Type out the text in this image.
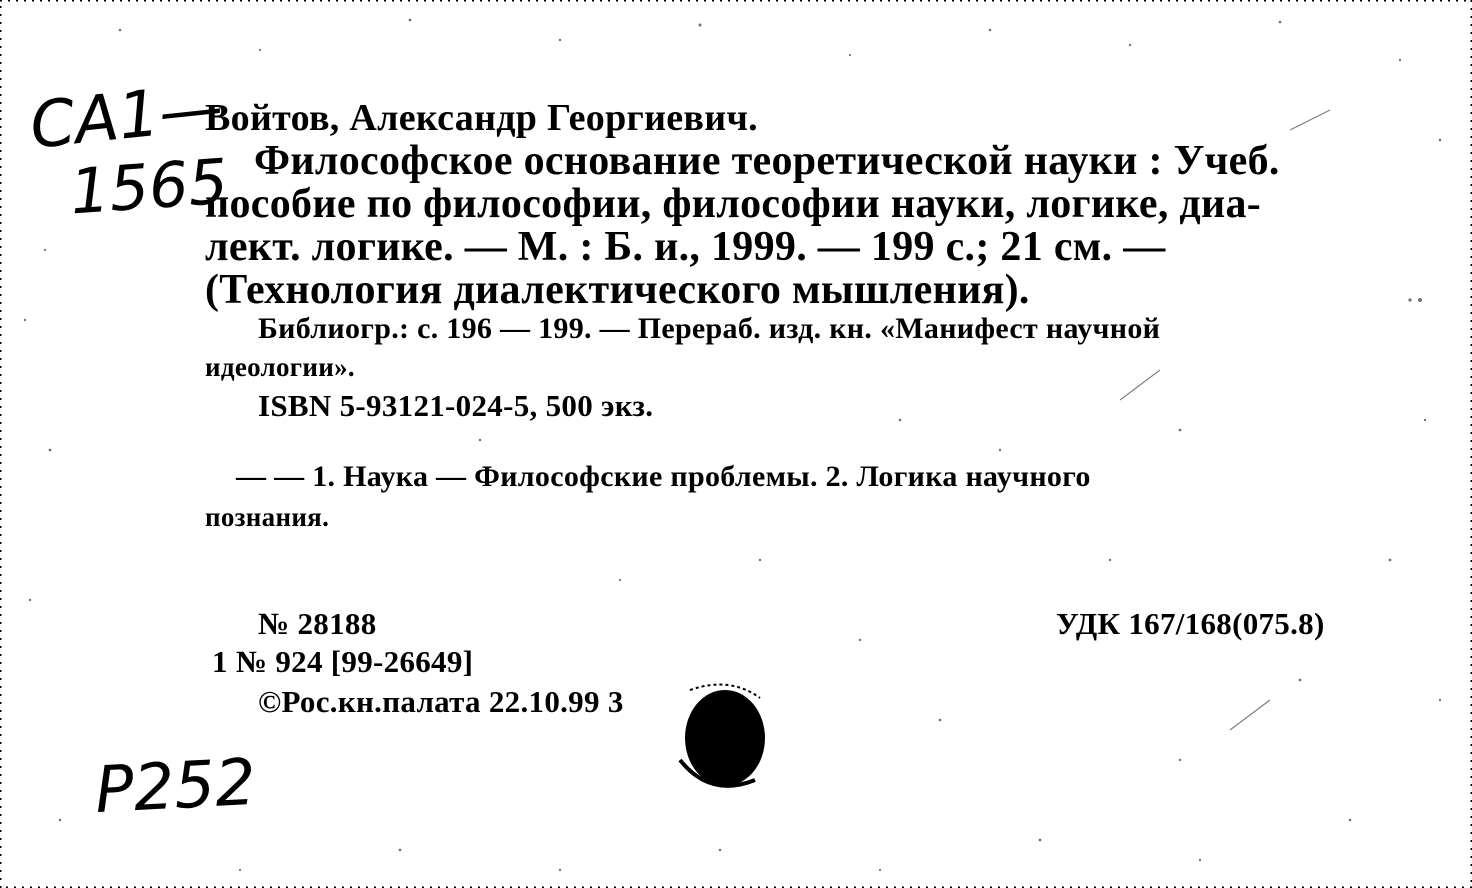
СА1—
1565
P252
Войтов, Александр Георгиевич.
Философское основание теоретической науки : Учеб.
пособие по философии, философии науки, логике, диа-
лект. логике. — М. : Б. и., 1999. — 199 с.; 21 см. —
(Технология диалектического мышления).
Библиогр.: с. 196 — 199. — Перераб. изд. кн. «Манифест научной
идеологии».
ISBN 5-93121-024-5, 500 экз.
— — 1. Наука — Философские проблемы. 2. Логика научного
познания.
№ 28188	УДК 167/168(075.8)
1 № 924 [99-26649]
©Рос.кн.палата 22.10.99 3
